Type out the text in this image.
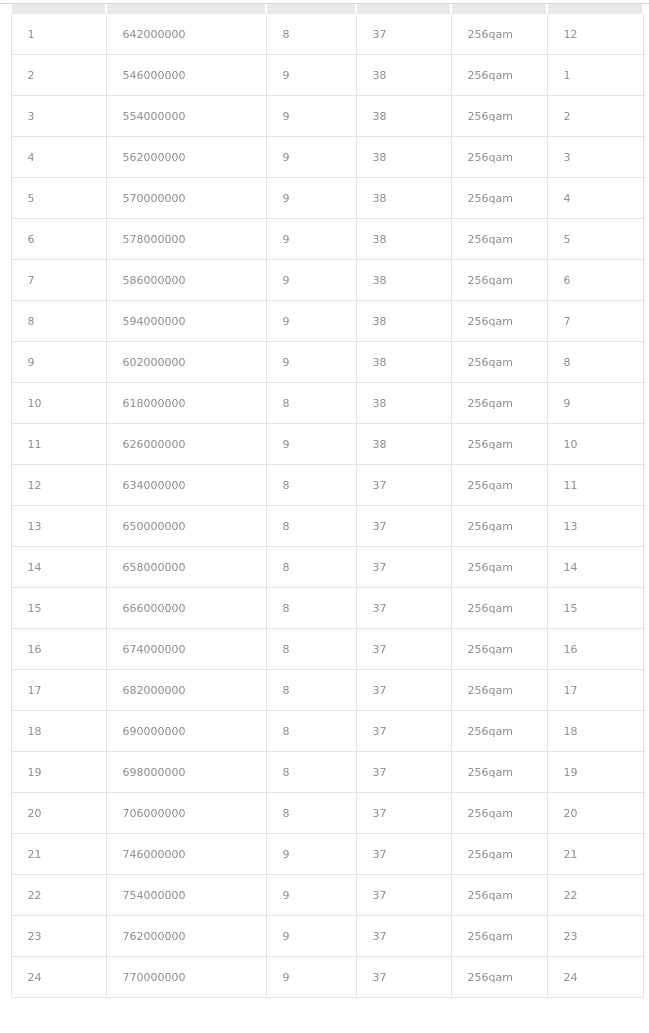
1	642000000	8	37	256qam	12
2	546000000	9	38	256qam	1
3	554000000	9	38	256qam	2
4	562000000	9	38	256qam	3
5	570000000	9	38	256qam	4
6	578000000	9	38	256qam	5
7	586000000	9	38	256qam	6
8	594000000	9	38	256qam	7
9	602000000	9	38	256qam	8
10	618000000	8	38	256qam	9
11	626000000	9	38	256qam	10
12	634000000	8	37	256qam	11
13	650000000	8	37	256qam	13
14	658000000	8	37	256qam	14
15	666000000	8	37	256qam	15
16	674000000	8	37	256qam	16
17	682000000	8	37	256qam	17
18	690000000	8	37	256qam	18
19	698000000	8	37	256qam	19
20	706000000	8	37	256qam	20
21	746000000	9	37	256qam	21
22	754000000	9	37	256qam	22
23	762000000	9	37	256qam	23
24	770000000	9	37	256qam	24
